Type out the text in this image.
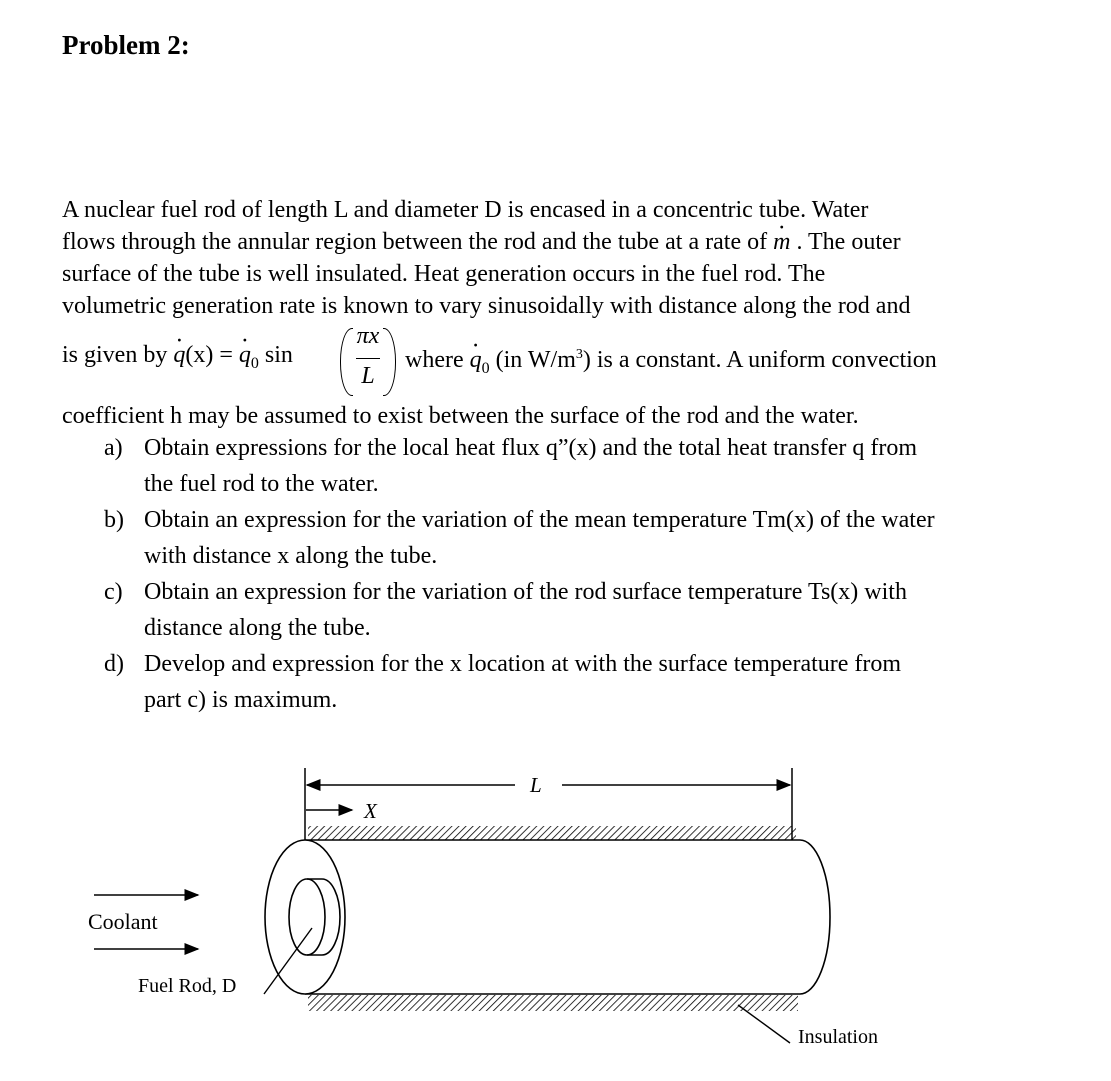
Problem 2:
A nuclear fuel rod of length L and diameter D is encased in a concentric tube. Water
flows through the annular region between the rod and the tube at a rate of m · . The outer
surface of the tube is well insulated. Heat generation occurs in the fuel rod. The
volumetric generation rate is known to vary sinusoidally with distance along the rod and
is given by $q \cdot(x) = q \cdot_0$ sin
πx
L
where $q \cdot_0$ (in $W/m^3$) is a constant. A uniform convection
coefficient h may be assumed to exist between the surface of the rod and the water.
a) Obtain expressions for the local heat flux q”(x) and the total heat transfer q from
the fuel rod to the water.
b) Obtain an expression for the variation of the mean temperature Tm(x) of the water
with distance x along the tube.
c) Obtain an expression for the variation of the rod surface temperature Ts(x) with
distance along the tube.
d) Develop and expression for the x location at with the surface temperature from
part c) is maximum.
L
X
Coolant
Fuel Rod, D
Insulation
